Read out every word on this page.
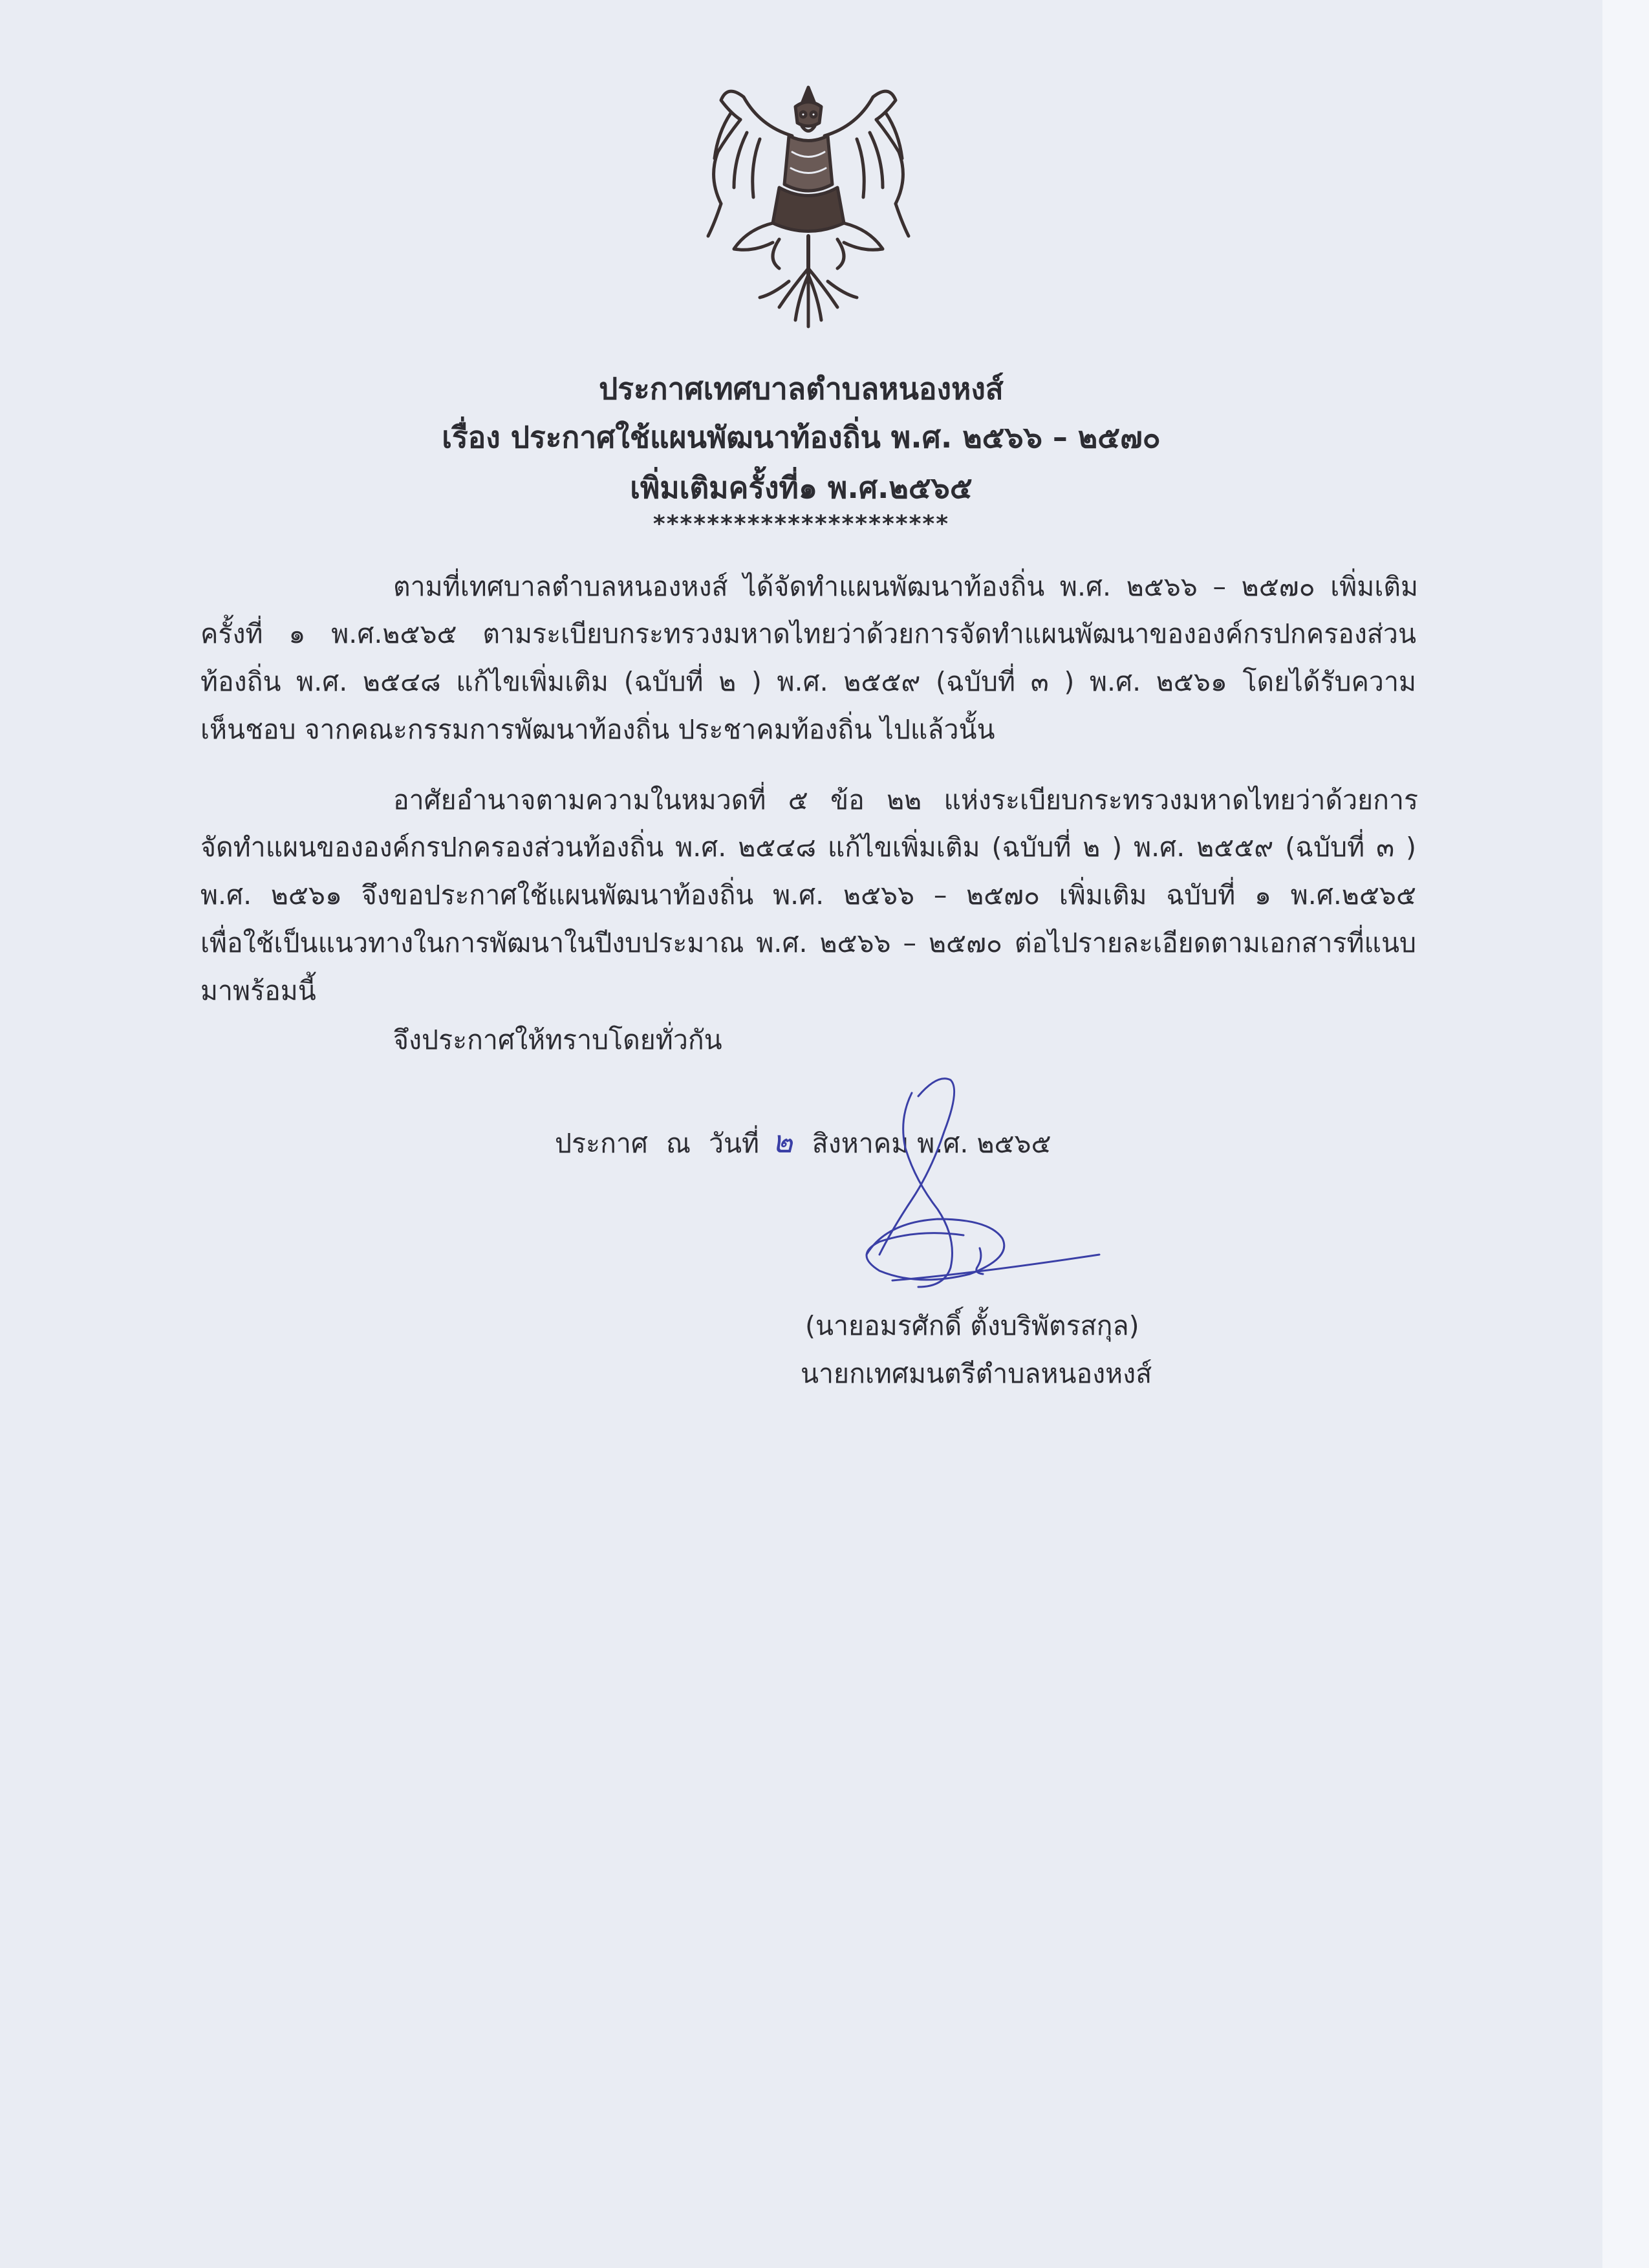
ประกาศเทศบาลตำบลหนองหงส์
เรื่อง ประกาศใช้แผนพัฒนาท้องถิ่น พ.ศ. ๒๕๖๖ – ๒๕๗๐
เพิ่มเติมครั้งที่๑ พ.ศ.๒๕๖๕
**********************
ตามที่เทศบาลตำบลหนองหงส์ ได้จัดทำแผนพัฒนาท้องถิ่น พ.ศ. ๒๕๖๖ – ๒๕๗๐ เพิ่มเติม
ครั้งที่ ๑ พ.ศ.๒๕๖๕ ตามระเบียบกระทรวงมหาดไทยว่าด้วยการจัดทำแผนพัฒนาขององค์กรปกครองส่วน
ท้องถิ่น พ.ศ. ๒๕๔๘ แก้ไขเพิ่มเติม (ฉบับที่ ๒ ) พ.ศ. ๒๕๕๙ (ฉบับที่ ๓ ) พ.ศ. ๒๕๖๑ โดยได้รับความ
เห็นชอบ จากคณะกรรมการพัฒนาท้องถิ่น ประชาคมท้องถิ่น ไปแล้วนั้น
อาศัยอำนาจตามความในหมวดที่ ๕ ข้อ ๒๒ แห่งระเบียบกระทรวงมหาดไทยว่าด้วยการ
จัดทำแผนขององค์กรปกครองส่วนท้องถิ่น พ.ศ. ๒๕๔๘ แก้ไขเพิ่มเติม (ฉบับที่ ๒ ) พ.ศ. ๒๕๕๙ (ฉบับที่ ๓ )
พ.ศ. ๒๕๖๑ จึงขอประกาศใช้แผนพัฒนาท้องถิ่น พ.ศ. ๒๕๖๖ – ๒๕๗๐ เพิ่มเติม ฉบับที่ ๑ พ.ศ.๒๕๖๕
เพื่อใช้เป็นแนวทางในการพัฒนาในปีงบประมาณ พ.ศ. ๒๕๖๖ – ๒๕๗๐ ต่อไปรายละเอียดตามเอกสารที่แนบ
มาพร้อมนี้
จึงประกาศให้ทราบโดยทั่วกัน
ประกาศ ณ วันที่ ๒ สิงหาคม พ.ศ. ๒๕๖๕
(นายอมรศักดิ์ ตั้งบริพัตรสกุล)
นายกเทศมนตรีตำบลหนองหงส์
